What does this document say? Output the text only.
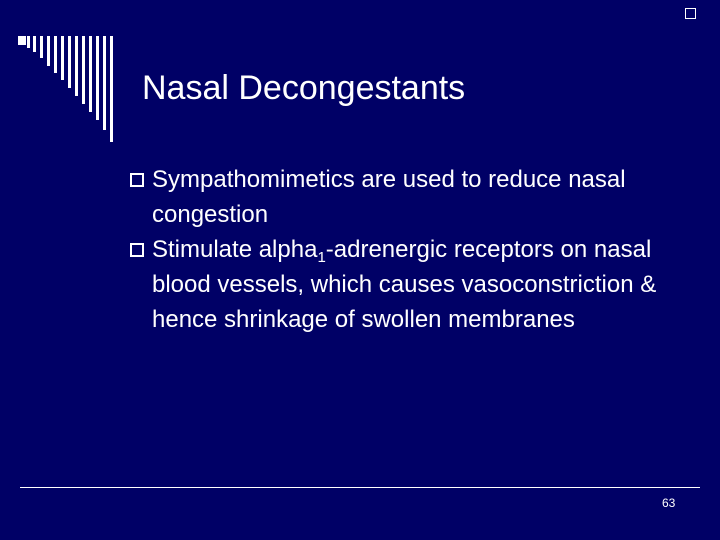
Nasal Decongestants
Sympathomimetics are used to reduce nasal congestion
Stimulate alpha$_1$-adrenergic receptors on nasal blood vessels, which causes vasoconstriction & hence shrinkage of swollen membranes
63
